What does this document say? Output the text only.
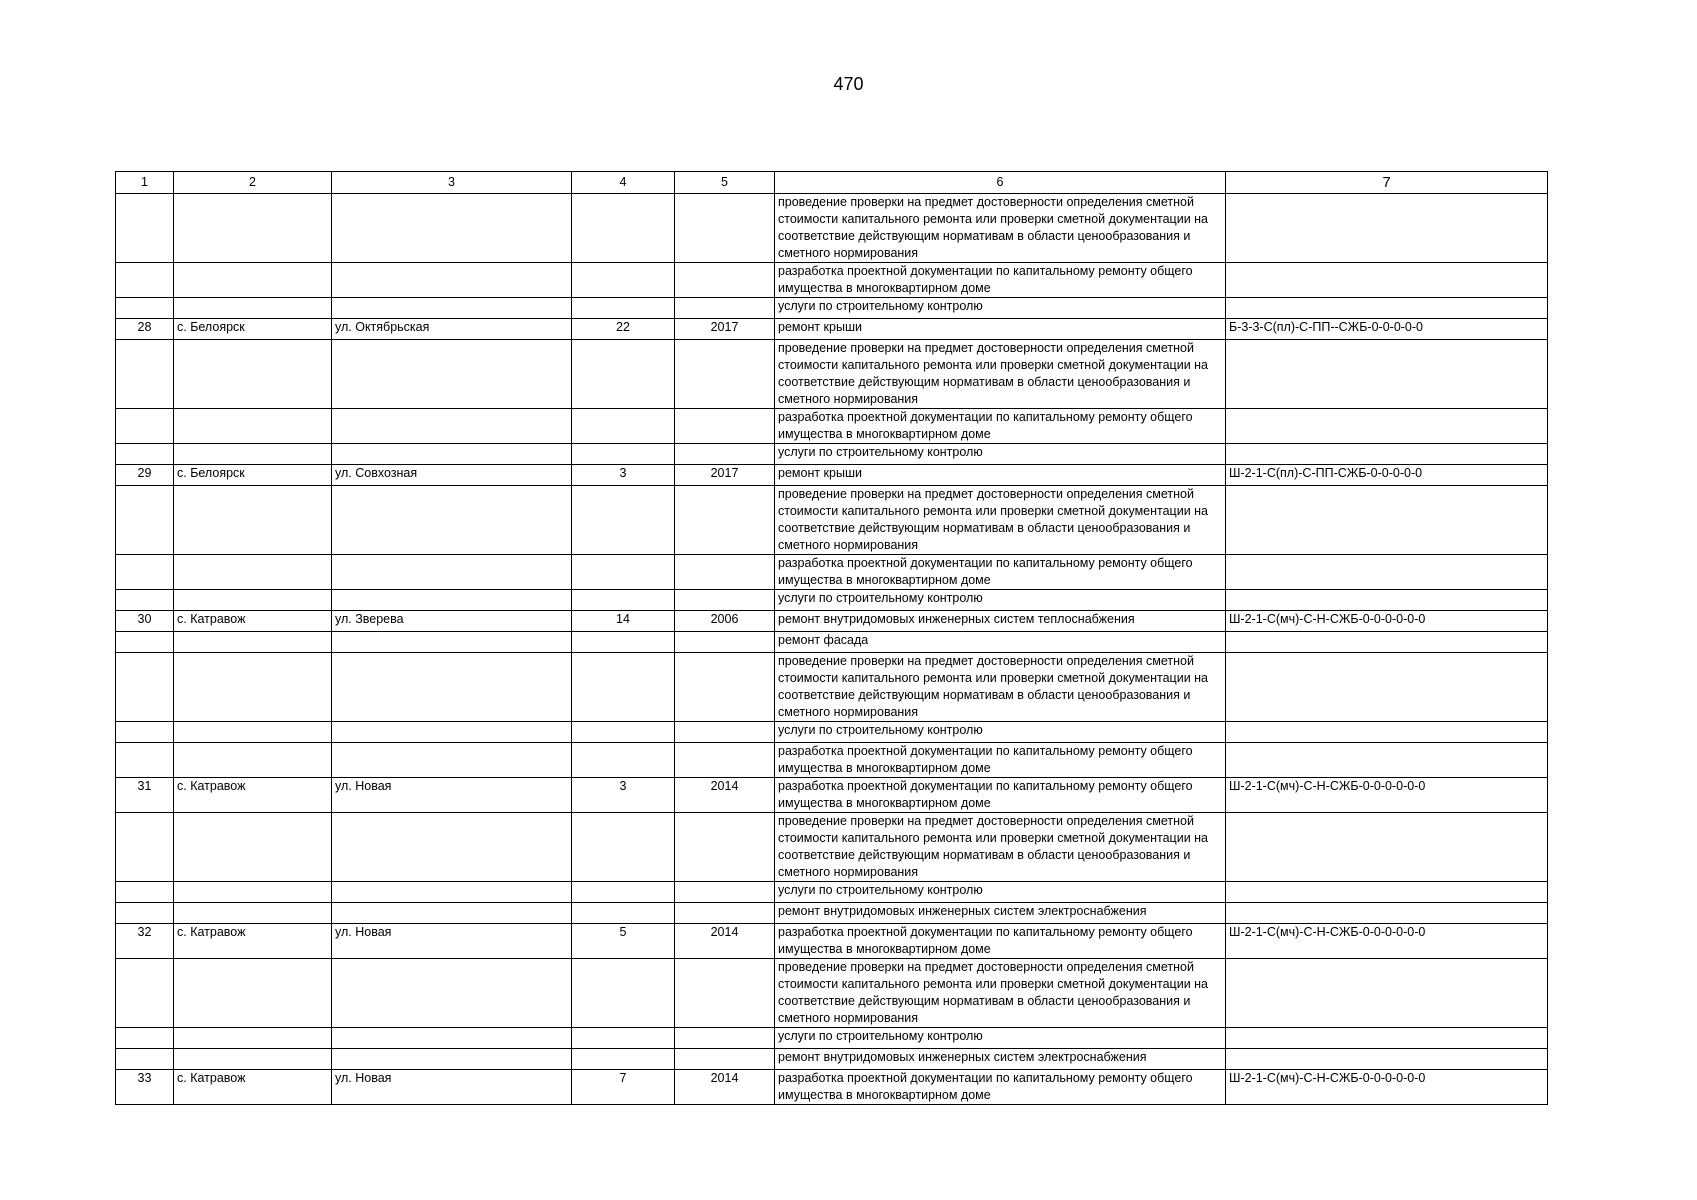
470
1	2	3	4	5	6	7
					проведение проверки на предмет достоверности определения сметной стоимости капитального ремонта или проверки сметной документации на соответствие действующим нормативам в области ценообразования и сметного нормирования	
					разработка проектной документации по капитальному ремонту общего имущества в многоквартирном доме	
					услуги по строительному контролю	
28	с. Белоярск	ул. Октябрьская	22	2017	ремонт крыши	Б-3-3-С(пл)-С-ПП--СЖБ-0-0-0-0-0
					проведение проверки на предмет достоверности определения сметной стоимости капитального ремонта или проверки сметной документации на соответствие действующим нормативам в области ценообразования и сметного нормирования	
					разработка проектной документации по капитальному ремонту общего имущества в многоквартирном доме	
					услуги по строительному контролю	
29	с. Белоярск	ул. Совхозная	3	2017	ремонт крыши	Ш-2-1-С(пл)-С-ПП-СЖБ-0-0-0-0-0
					проведение проверки на предмет достоверности определения сметной стоимости капитального ремонта или проверки сметной документации на соответствие действующим нормативам в области ценообразования и сметного нормирования	
					разработка проектной документации по капитальному ремонту общего имущества в многоквартирном доме	
					услуги по строительному контролю	
30	с. Катравож	ул. Зверева	14	2006	ремонт внутридомовых инженерных систем теплоснабжения	Ш-2-1-С(мч)-С-Н-СЖБ-0-0-0-0-0-0
					ремонт фасада	
					проведение проверки на предмет достоверности определения сметной стоимости капитального ремонта или проверки сметной документации на соответствие действующим нормативам в области ценообразования и сметного нормирования	
					услуги по строительному контролю	
					разработка проектной документации по капитальному ремонту общего имущества в многоквартирном доме	
31	с. Катравож	ул. Новая	3	2014	разработка проектной документации по капитальному ремонту общего имущества в многоквартирном доме	Ш-2-1-С(мч)-С-Н-СЖБ-0-0-0-0-0-0
					проведение проверки на предмет достоверности определения сметной стоимости капитального ремонта или проверки сметной документации на соответствие действующим нормативам в области ценообразования и сметного нормирования	
					услуги по строительному контролю	
					ремонт внутридомовых инженерных систем электроснабжения	
32	с. Катравож	ул. Новая	5	2014	разработка проектной документации по капитальному ремонту общего имущества в многоквартирном доме	Ш-2-1-С(мч)-С-Н-СЖБ-0-0-0-0-0-0
					проведение проверки на предмет достоверности определения сметной стоимости капитального ремонта или проверки сметной документации на соответствие действующим нормативам в области ценообразования и сметного нормирования	
					услуги по строительному контролю	
					ремонт внутридомовых инженерных систем электроснабжения	
33	с. Катравож	ул. Новая	7	2014	разработка проектной документации по капитальному ремонту общего имущества в многоквартирном доме	Ш-2-1-С(мч)-С-Н-СЖБ-0-0-0-0-0-0
